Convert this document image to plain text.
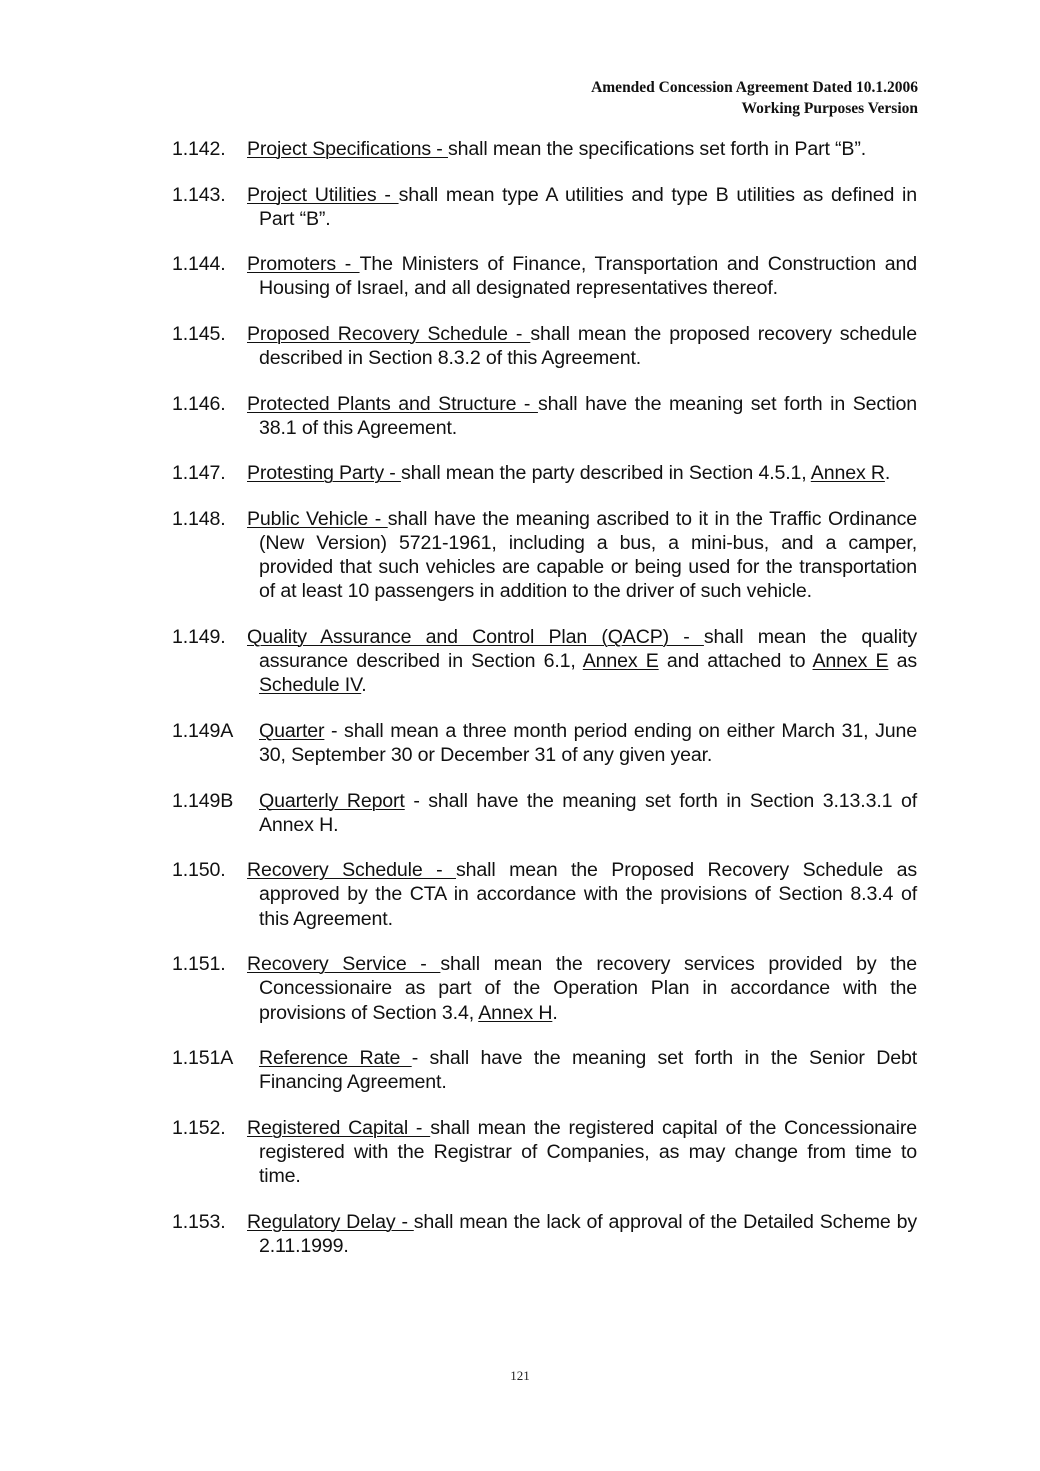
Amended Concession Agreement Dated 10.1.2006
Working Purposes Version
1.142. Project Specifications - shall mean the specifications set forth in Part “B”.
1.143. Project Utilities - shall mean type A utilities and type B utilities as defined in Part “B”.
1.144. Promoters - The Ministers of Finance, Transportation and Construction and Housing of Israel, and all designated representatives thereof.
1.145. Proposed Recovery Schedule - shall mean the proposed recovery schedule described in Section 8.3.2 of this Agreement.
1.146. Protected Plants and Structure - shall have the meaning set forth in Section 38.1 of this Agreement.
1.147. Protesting Party - shall mean the party described in Section 4.5.1, Annex R.
1.148. Public Vehicle - shall have the meaning ascribed to it in the Traffic Ordinance (New Version) 5721-1961, including a bus, a mini-bus, and a camper, provided that such vehicles are capable or being used for the transportation of at least 10 passengers in addition to the driver of such vehicle.
1.149. Quality Assurance and Control Plan (QACP) - shall mean the quality assurance described in Section 6.1, Annex E and attached to Annex E as Schedule IV.
1.149A Quarter - shall mean a three month period ending on either March 31, June 30, September 30 or December 31 of any given year.
1.149B Quarterly Report - shall have the meaning set forth in Section 3.13.3.1 of Annex H.
1.150. Recovery Schedule - shall mean the Proposed Recovery Schedule as approved by the CTA in accordance with the provisions of Section 8.3.4 of this Agreement.
1.151. Recovery Service - shall mean the recovery services provided by the Concessionaire as part of the Operation Plan in accordance with the provisions of Section 3.4, Annex H.
1.151A Reference Rate - shall have the meaning set forth in the Senior Debt Financing Agreement.
1.152. Registered Capital - shall mean the registered capital of the Concessionaire registered with the Registrar of Companies, as may change from time to time.
1.153. Regulatory Delay - shall mean the lack of approval of the Detailed Scheme by 2.11.1999.
121
